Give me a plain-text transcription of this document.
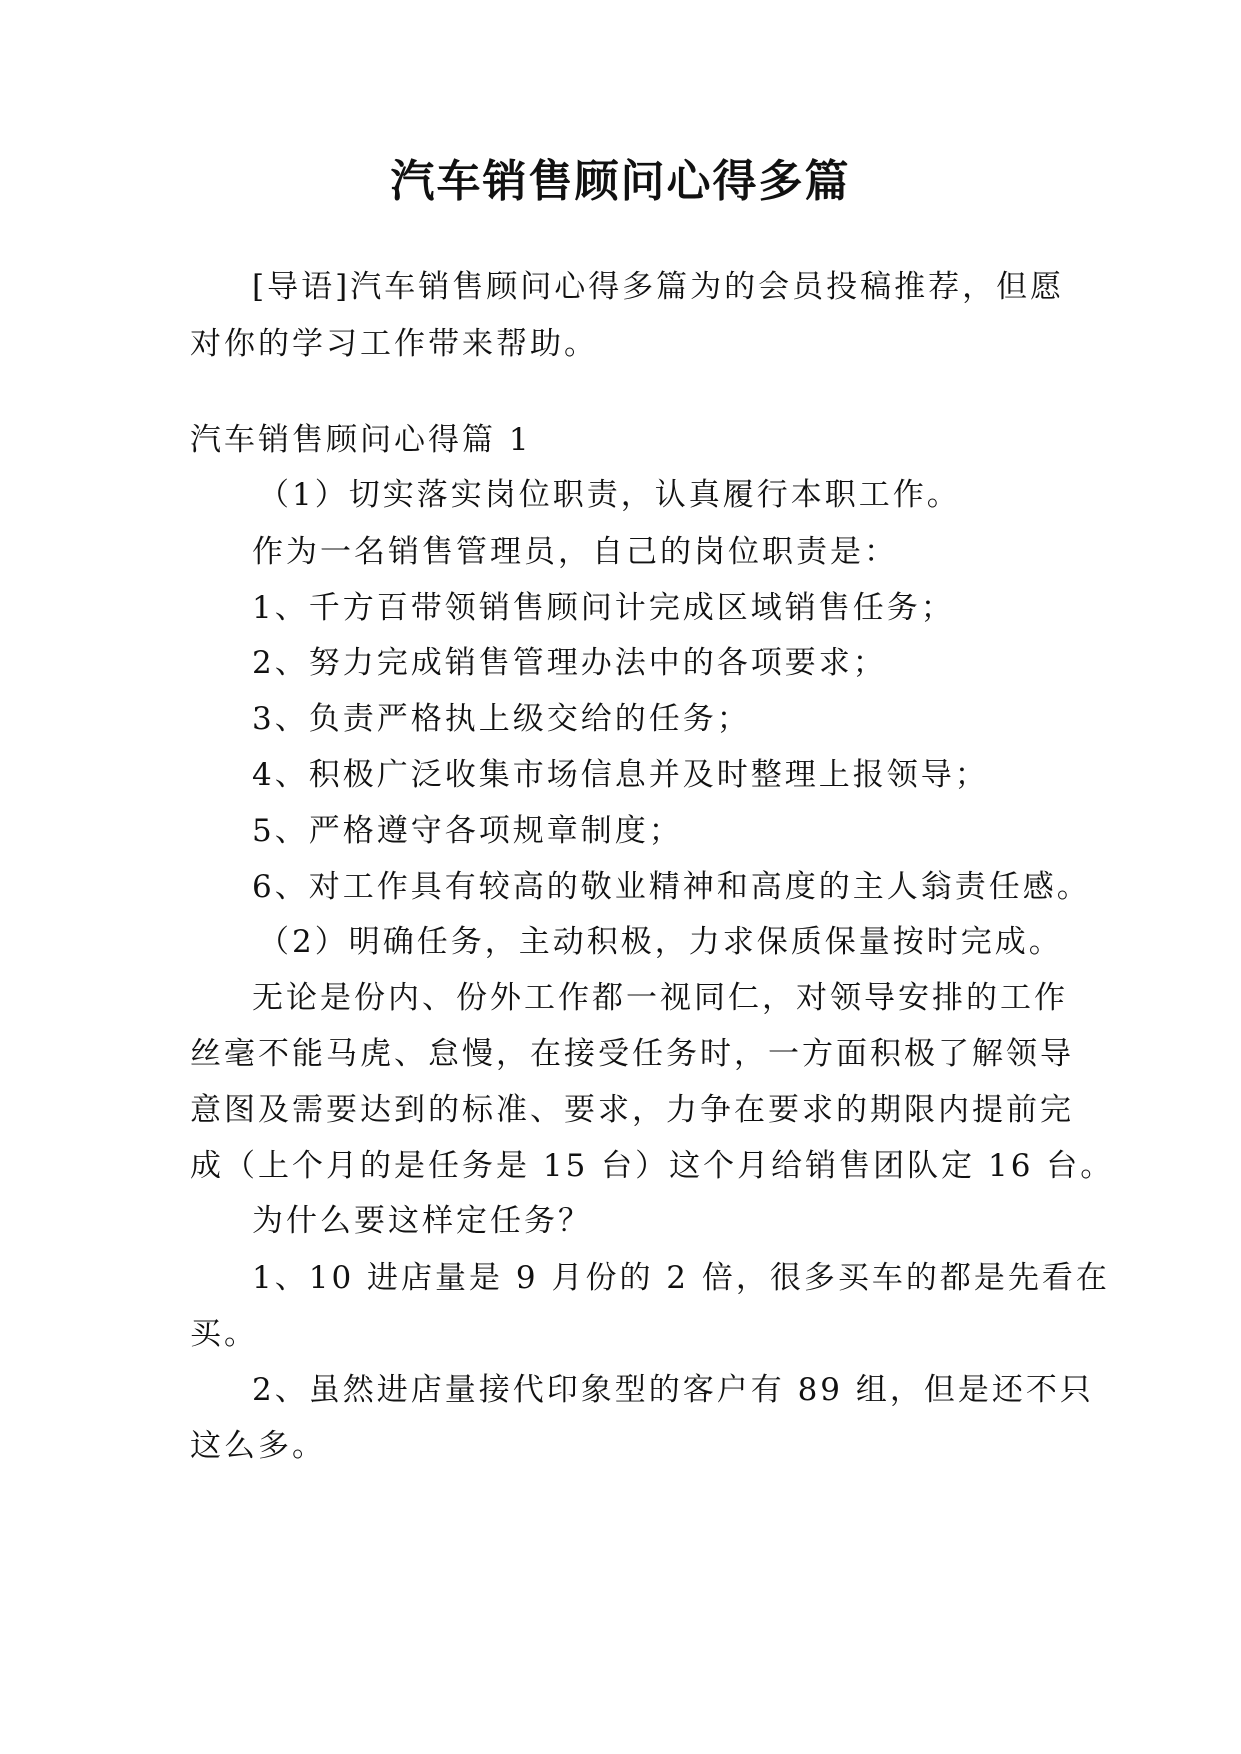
汽车销售顾问心得多篇
[导语]汽车销售顾问心得多篇为的会员投稿推荐，但愿
对你的学习工作带来帮助。
汽车销售顾问心得篇 1
（1）切实落实岗位职责，认真履行本职工作。
作为一名销售管理员，自己的岗位职责是：
1、千方百带领销售顾问计完成区域销售任务；
2、努力完成销售管理办法中的各项要求；
3、负责严格执上级交给的任务；
4、积极广泛收集市场信息并及时整理上报领导；
5、严格遵守各项规章制度；
6、对工作具有较高的敬业精神和高度的主人翁责任感。
（2）明确任务，主动积极，力求保质保量按时完成。
无论是份内、份外工作都一视同仁，对领导安排的工作
丝毫不能马虎、怠慢，在接受任务时，一方面积极了解领导
意图及需要达到的标准、要求，力争在要求的期限内提前完
成（上个月的是任务是 15 台）这个月给销售团队定 16 台。
为什么要这样定任务？
1、10 进店量是 9 月份的 2 倍，很多买车的都是先看在
买。
2、虽然进店量接代印象型的客户有 89 组，但是还不只
这么多。
